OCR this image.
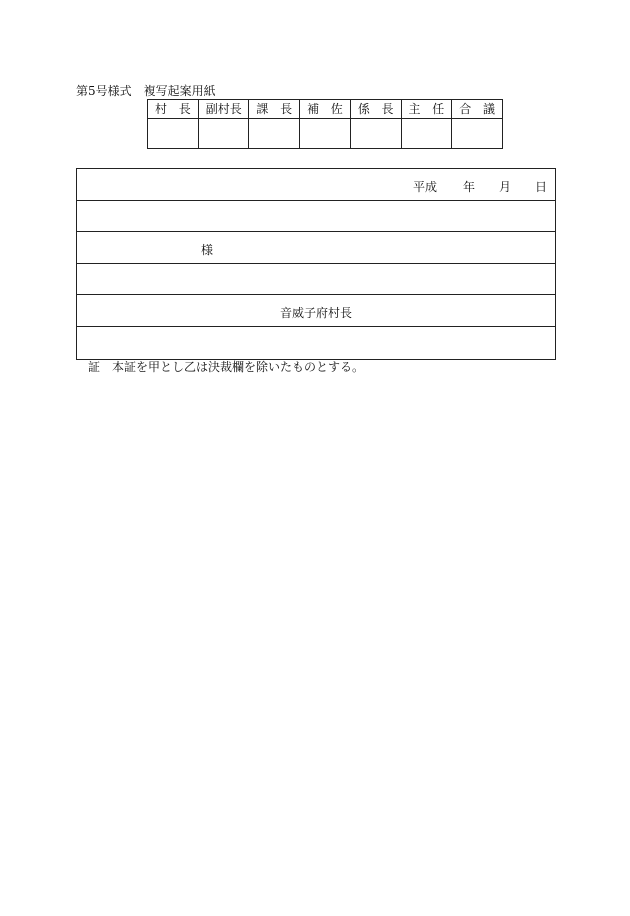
第5号様式　複写起案用紙
村長	副村長	課長	補佐	係長	主任	合議

平成 年 月 日
様
音威子府村長
証 本証を甲とし乙は決裁欄を除いたものとする。
